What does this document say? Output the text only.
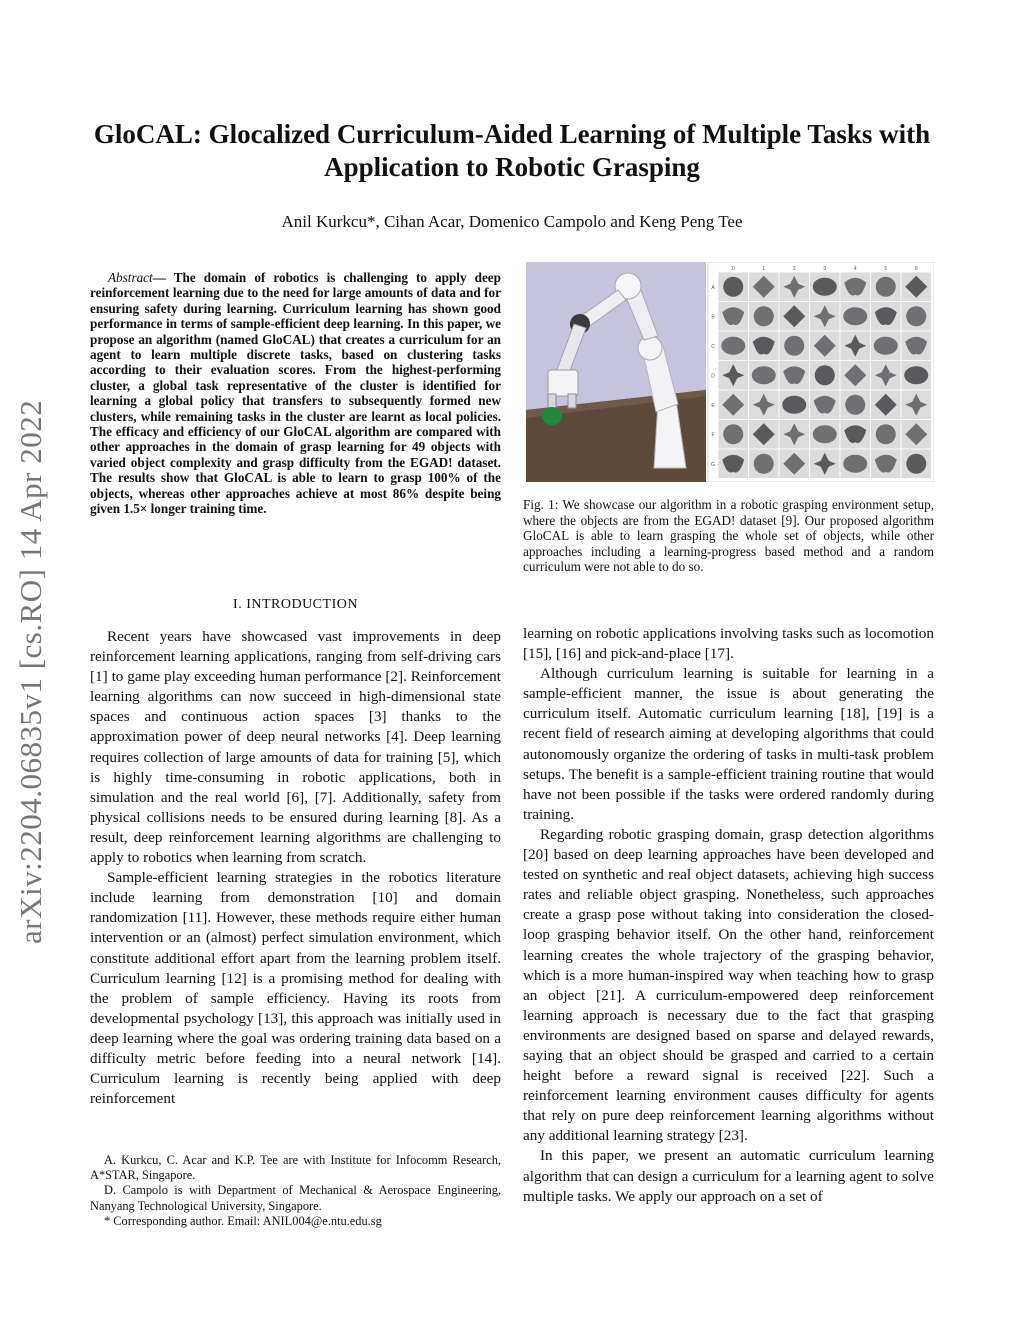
GloCAL: Glocalized Curriculum-Aided Learning of Multiple Tasks with Application to Robotic Grasping
Anil Kurkcu*, Cihan Acar, Domenico Campolo and Keng Peng Tee
arXiv:2204.06835v1 [cs.RO] 14 Apr 2022
Abstract— The domain of robotics is challenging to apply deep reinforcement learning due to the need for large amounts of data and for ensuring safety during learning. Curriculum learning has shown good performance in terms of sample-efficient deep learning. In this paper, we propose an algorithm (named GloCAL) that creates a curriculum for an agent to learn multiple discrete tasks, based on clustering tasks according to their evaluation scores. From the highest-performing cluster, a global task representative of the cluster is identified for learning a global policy that transfers to subsequently formed new clusters, while remaining tasks in the cluster are learnt as local policies. The efficacy and efficiency of our GloCAL algorithm are compared with other approaches in the domain of grasp learning for 49 objects with varied object complexity and grasp difficulty from the EGAD! dataset. The results show that GloCAL is able to learn to grasp 100% of the objects, whereas other approaches achieve at most 86% despite being given 1.5× longer training time.
I. INTRODUCTION

Recent years have showcased vast improvements in deep reinforcement learning applications, ranging from self-driving cars [1] to game play exceeding human performance [2]. Reinforcement learning algorithms can now succeed in high-dimensional state spaces and continuous action spaces [3] thanks to the approximation power of deep neural networks [4]. Deep learning requires collection of large amounts of data for training [5], which is highly time-consuming in robotic applications, both in simulation and the real world [6], [7]. Additionally, safety from physical collisions needs to be ensured during learning [8]. As a result, deep reinforcement learning algorithms are challenging to apply to robotics when learning from scratch.

Sample-efficient learning strategies in the robotics literature include learning from demonstration [10] and domain randomization [11]. However, these methods require either human intervention or an (almost) perfect simulation environment, which constitute additional effort apart from the learning problem itself. Curriculum learning [12] is a promising method for dealing with the problem of sample efficiency. Having its roots from developmental psychology [13], this approach was initially used in deep learning where the goal was ordering training data based on a difficulty metric before feeding into a neural network [14]. Curriculum learning is recently being applied with deep reinforcement

A. Kurkcu, C. Acar and K.P. Tee are with Institute for Infocomm Research, A*STAR, Singapore.

D. Campolo is with Department of Mechanical & Aerospace Engineering, Nanyang Technological University, Singapore.

* Corresponding author. Email: ANIL004@e.ntu.edu.sg

0	1	2	3	4	5	6
A
B
C
D
E
F
G
Fig. 1: We showcase our algorithm in a robotic grasping environment setup, where the objects are from the EGAD! dataset [9]. Our proposed algorithm GloCAL is able to learn grasping the whole set of objects, while other approaches including a learning-progress based method and a random curriculum were not able to do so.

learning on robotic applications involving tasks such as locomotion [15], [16] and pick-and-place [17].

Although curriculum learning is suitable for learning in a sample-efficient manner, the issue is about generating the curriculum itself. Automatic curriculum learning [18], [19] is a recent field of research aiming at developing algorithms that could autonomously organize the ordering of tasks in multi-task problem setups. The benefit is a sample-efficient training routine that would have not been possible if the tasks were ordered randomly during training.

Regarding robotic grasping domain, grasp detection algorithms [20] based on deep learning approaches have been developed and tested on synthetic and real object datasets, achieving high success rates and reliable object grasping. Nonetheless, such approaches create a grasp pose without taking into consideration the closed-loop grasping behavior itself. On the other hand, reinforcement learning creates the whole trajectory of the grasping behavior, which is a more human-inspired way when teaching how to grasp an object [21]. A curriculum-empowered deep reinforcement learning approach is necessary due to the fact that grasping environments are designed based on sparse and delayed rewards, saying that an object should be grasped and carried to a certain height before a reward signal is received [22]. Such a reinforcement learning environment causes difficulty for agents that rely on pure deep reinforcement learning algorithms without any additional learning strategy [23].

In this paper, we present an automatic curriculum learning algorithm that can design a curriculum for a learning agent to solve multiple tasks. We apply our approach on a set of
